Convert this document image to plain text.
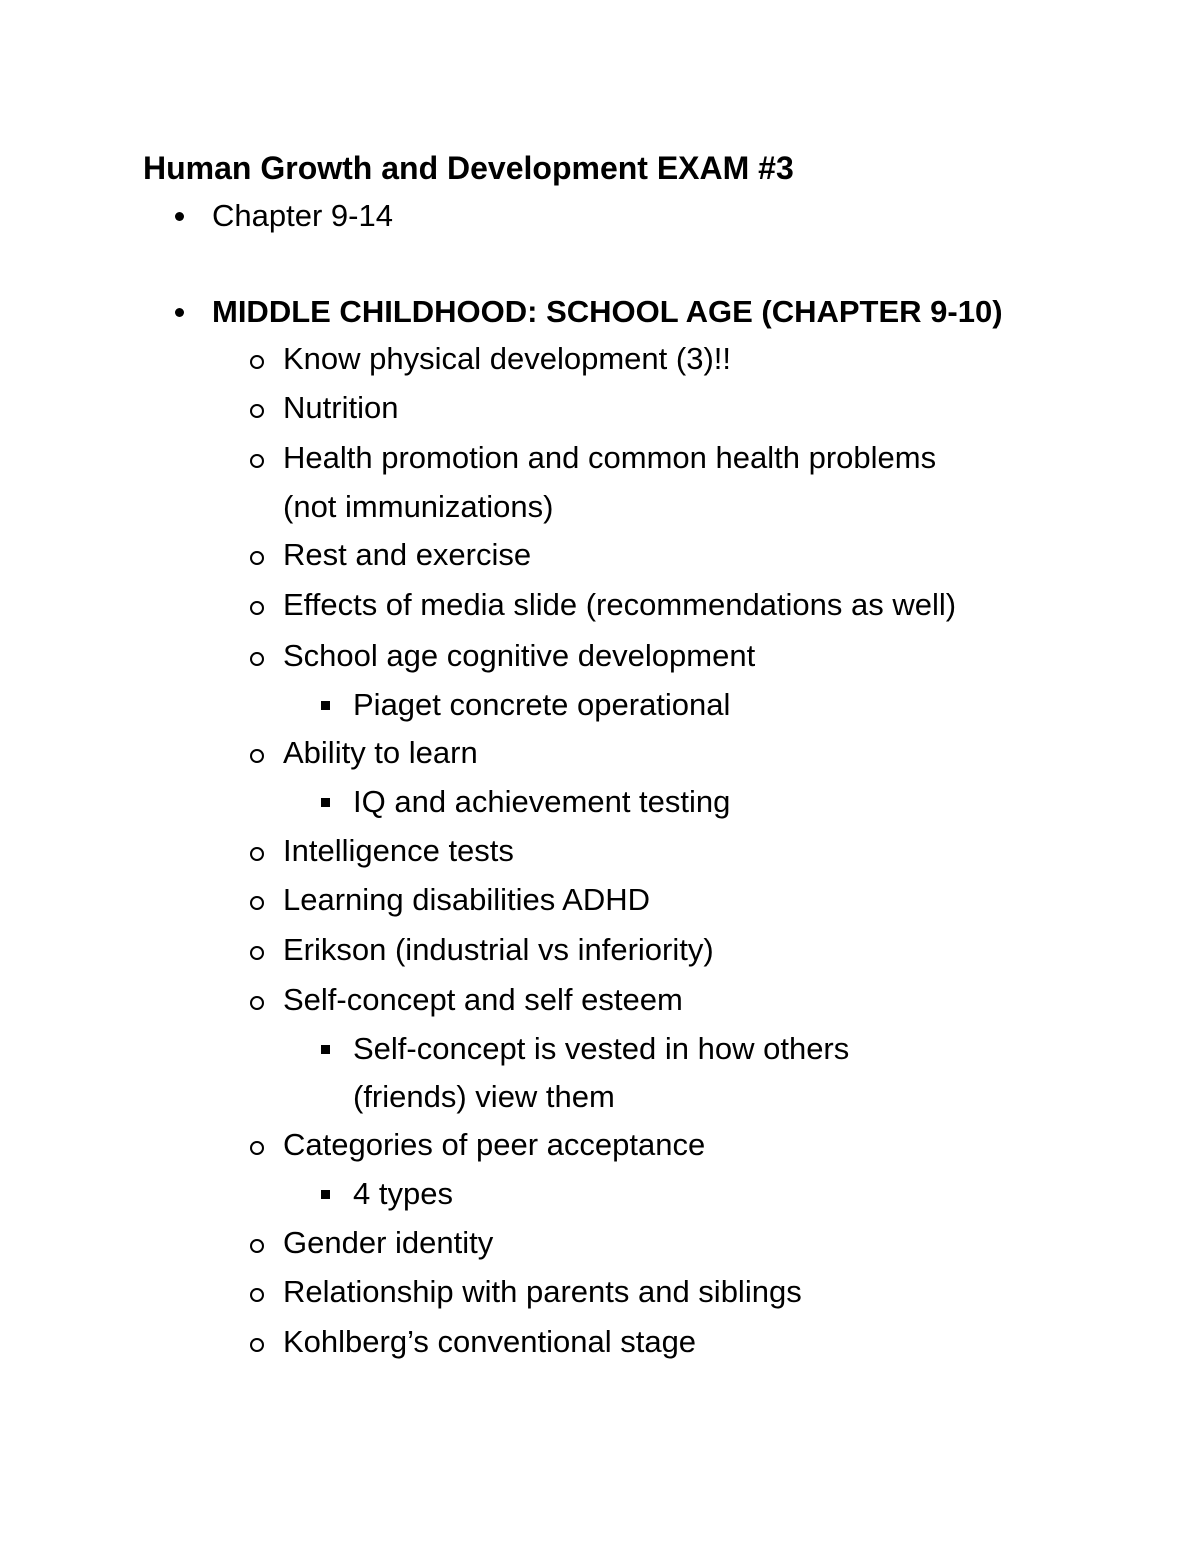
Human Growth and Development EXAM #3
Chapter 9-14
MIDDLE CHILDHOOD: SCHOOL AGE (CHAPTER 9-10)
Know physical development (3)!!
Nutrition
Health promotion and common health problems
(not immunizations)
Rest and exercise
Effects of media slide (recommendations as well)
School age cognitive development
Piaget concrete operational
Ability to learn
IQ and achievement testing
Intelligence tests
Learning disabilities ADHD
Erikson (industrial vs inferiority)
Self-concept and self esteem
Self-concept is vested in how others
(friends) view them
Categories of peer acceptance
4 types
Gender identity
Relationship with parents and siblings
Kohlberg’s conventional stage
